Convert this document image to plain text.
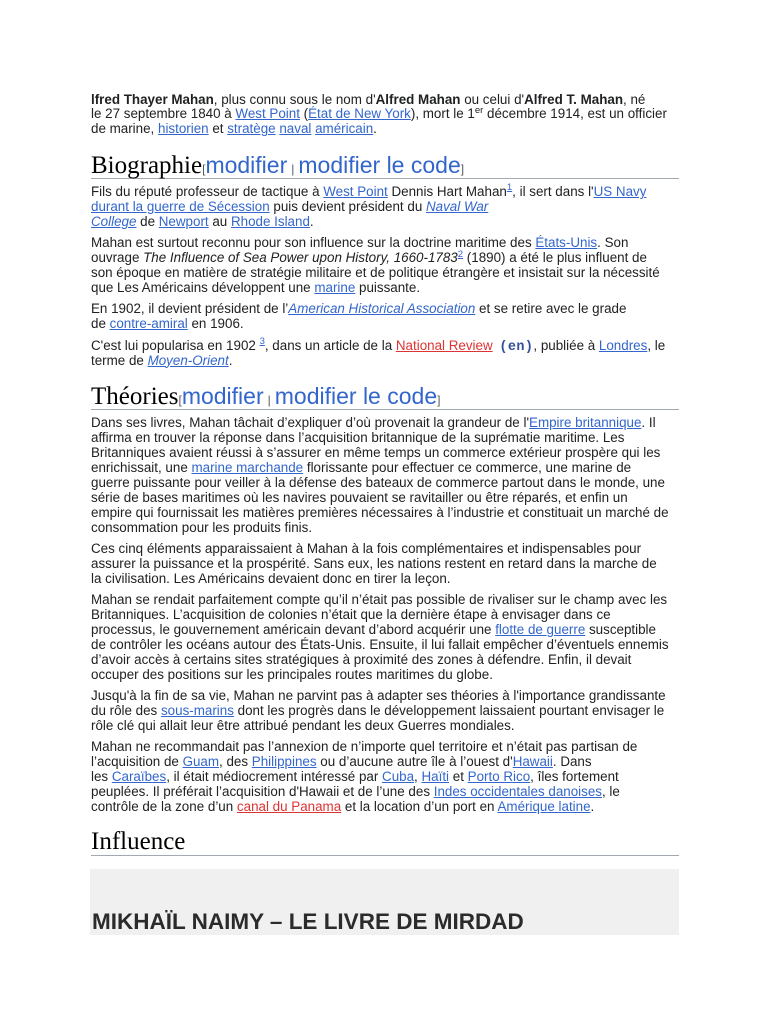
lfred Thayer Mahan, plus connu sous le nom d'Alfred Mahan ou celui d'Alfred T. Mahan, né
le 27 septembre 1840 à West Point (État de New York), mort le 1er décembre 1914, est un officier
de marine, historien et stratège naval américain.
Biographie[modifier | modifier le code]
Fils du réputé professeur de tactique à West Point Dennis Hart Mahan$^1$, il sert dans l'US Navy
durant la guerre de Sécession puis devient président du Naval War
College de Newport au Rhode Island.
Mahan est surtout reconnu pour son influence sur la doctrine maritime des États-Unis. Son
ouvrage The Influence of Sea Power upon History, 1660-1783$^2$ (1890) a été le plus influent de
son époque en matière de stratégie militaire et de politique étrangère et insistait sur la nécessité
que Les Américains développent une marine puissante.
En 1902, il devient président de l’American Historical Association et se retire avec le grade
de contre-amiral en 1906.
C'est lui popularisa en 1902 $^3$, dans un article de la National Review (en), publiée à Londres, le
terme de Moyen-Orient.
Théories[modifier | modifier le code]
Dans ses livres, Mahan tâchait d’expliquer d’où provenait la grandeur de l'Empire britannique. Il
affirma en trouver la réponse dans l’acquisition britannique de la suprématie maritime. Les
Britanniques avaient réussi à s’assurer en même temps un commerce extérieur prospère qui les
enrichissait, une marine marchande florissante pour effectuer ce commerce, une marine de
guerre puissante pour veiller à la défense des bateaux de commerce partout dans le monde, une
série de bases maritimes où les navires pouvaient se ravitailler ou être réparés, et enfin un
empire qui fournissait les matières premières nécessaires à l’industrie et constituait un marché de
consommation pour les produits finis.
Ces cinq éléments apparaissaient à Mahan à la fois complémentaires et indispensables pour
assurer la puissance et la prospérité. Sans eux, les nations restent en retard dans la marche de
la civilisation. Les Américains devaient donc en tirer la leçon.
Mahan se rendait parfaitement compte qu’il n’était pas possible de rivaliser sur le champ avec les
Britanniques. L’acquisition de colonies n’était que la dernière étape à envisager dans ce
processus, le gouvernement américain devant d’abord acquérir une flotte de guerre susceptible
de contrôler les océans autour des États-Unis. Ensuite, il lui fallait empêcher d’éventuels ennemis
d’avoir accès à certains sites stratégiques à proximité des zones à défendre. Enfin, il devait
occuper des positions sur les principales routes maritimes du globe.
Jusqu'à la fin de sa vie, Mahan ne parvint pas à adapter ses théories à l'importance grandissante
du rôle des sous-marins dont les progrès dans le développement laissaient pourtant envisager le
rôle clé qui allait leur être attribué pendant les deux Guerres mondiales.
Mahan ne recommandait pas l’annexion de n’importe quel territoire et n’était pas partisan de
l’acquisition de Guam, des Philippines ou d’aucune autre île à l’ouest d'Hawaii. Dans
les Caraïbes, il était médiocrement intéressé par Cuba, Haïti et Porto Rico, îles fortement
peuplées. Il préférait l’acquisition d'Hawaii et de l’une des Indes occidentales danoises, le
contrôle de la zone d’un canal du Panama et la location d’un port en Amérique latine.
Influence
MIKHAÏL NAIMY – LE LIVRE DE MIRDAD
